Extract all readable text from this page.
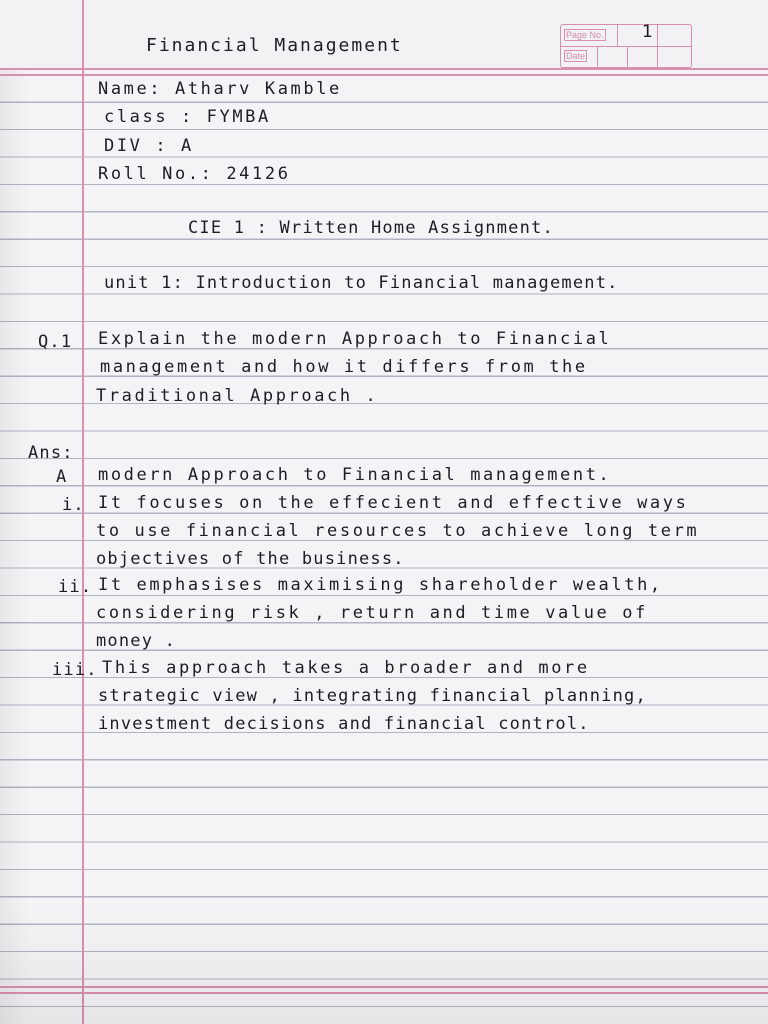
Page No.
Date
1
Financial Management
Name: Atharv Kamble
class : FYMBA
DIV : A
Roll No.: 24126
CIE 1 : Written Home Assignment.
unit 1: Introduction to Financial management.
Q.1 Explain the modern Approach to Financial
management and how it differs from the
Traditional Approach .
Ans:
A modern Approach to Financial management.
i. It focuses on the effecient and effective ways
to use financial resources to achieve long term
objectives of the business.
ii. It emphasises maximising shareholder wealth,
considering risk , return and time value of
money .
iii. This approach takes a broader and more
strategic view , integrating financial planning,
investment decisions and financial control.
